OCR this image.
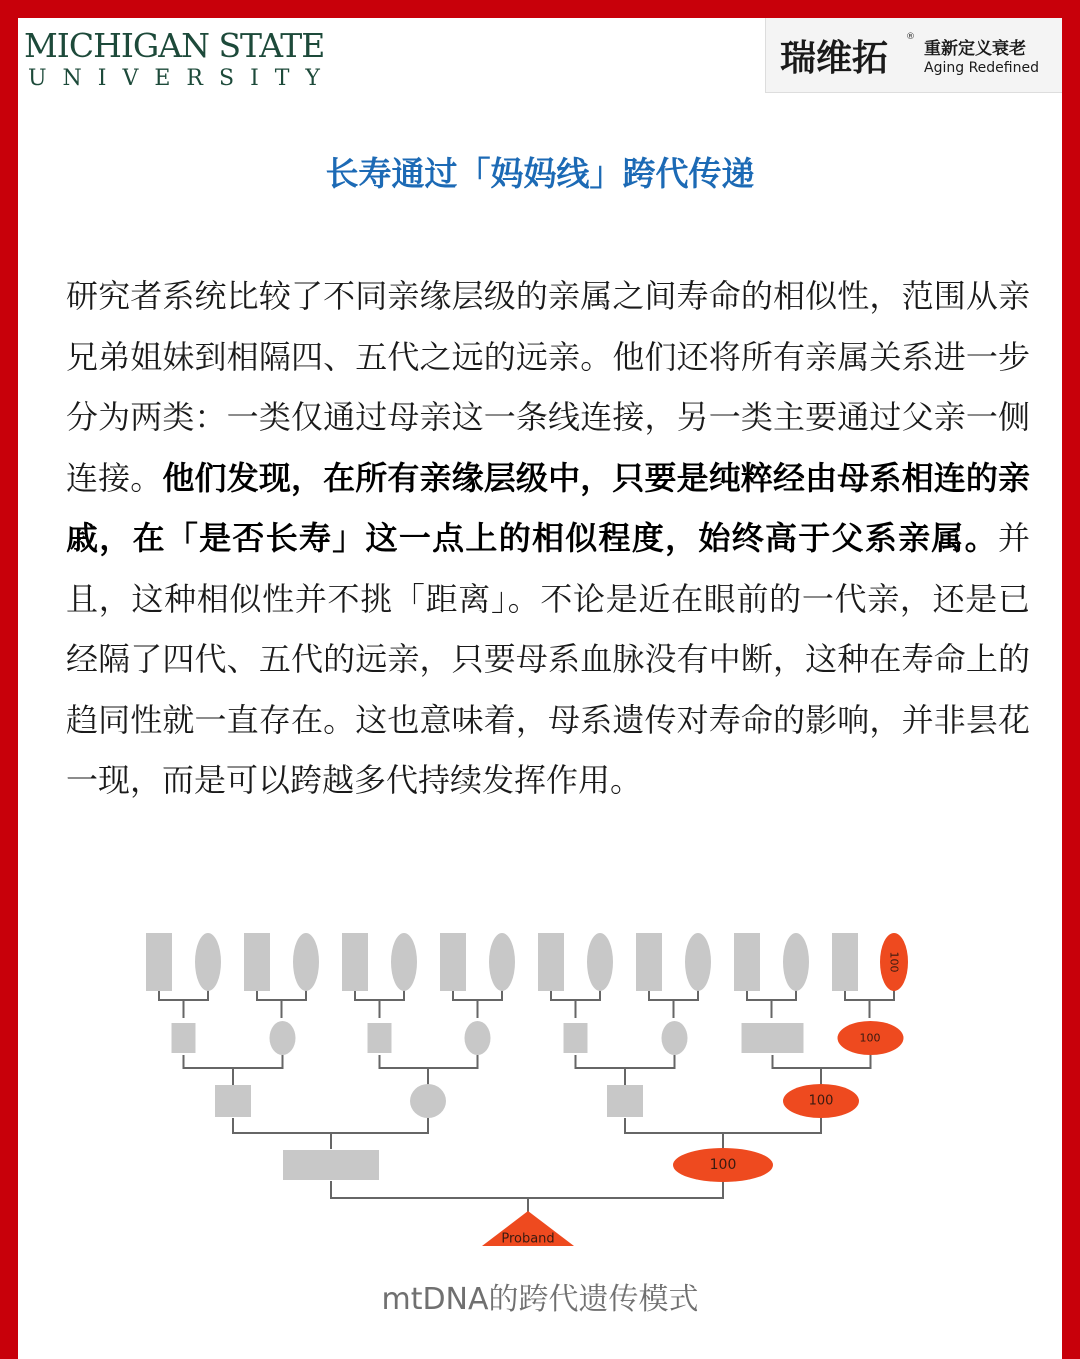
MICHIGAN STATE
UNIVERSITY	瑞维拓
®
重新定义衰老
Aging Redefined
长寿通过「妈妈线」跨代传递
研究者系统比较了不同亲缘层级的亲属之间寿命的相似性，范围从亲兄弟姐妹到相隔四、五代之远的远亲。他们还将所有亲属关系进一步分为两类：一类仅通过母亲这一条线连接，另一类主要通过父亲一侧连接。他们发现，在所有亲缘层级中，只要是纯粹经由母系相连的亲戚，在「是否长寿」这一点上的相似程度，始终高于父系亲属。并且，这种相似性并不挑「距离」。不论是近在眼前的一代亲，还是已经隔了四代、五代的远亲，只要母系血脉没有中断，这种在寿命上的趋同性就一直存在。这也意味着，母系遗传对寿命的影响，并非昙花一现，而是可以跨越多代持续发挥作用。
100
100
100
100
Proband
mtDNA的跨代遗传模式
